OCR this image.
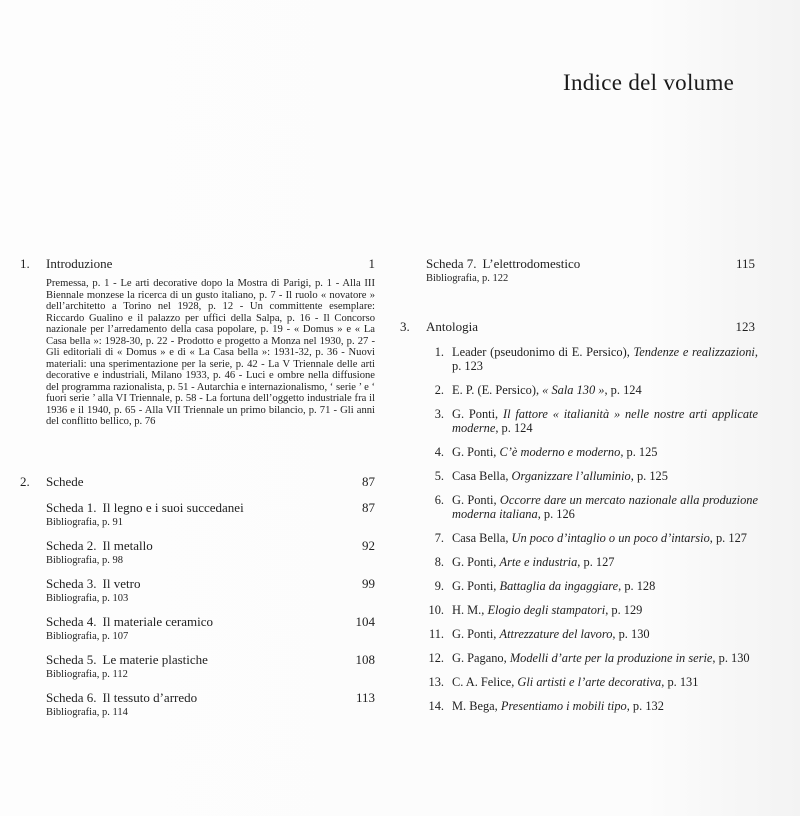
Indice del volume
1.	Introduzione	1
Premessa, p. 1 - Le arti decorative dopo la Mostra di Parigi, p. 1 - Alla III Biennale monzese la ricerca di un gusto italiano, p. 7 - Il ruolo « novatore » dell’architetto a Torino nel 1928, p. 12 - Un committente esemplare: Riccardo Gualino e il palazzo per uffici della Salpa, p. 16 - Il Concorso nazionale per l’arredamento della casa popolare, p. 19 - « Domus » e « La Casa bella »: 1928-30, p. 22 - Prodotto e progetto a Monza nel 1930, p. 27 - Gli editoriali di « Domus » e di « La Casa bella »: 1931-32, p. 36 - Nuovi materiali: una sperimentazione per la serie, p. 42 - La V Triennale delle arti decorative e industriali, Milano 1933, p. 46 - Luci e ombre nella diffusione del programma razionalista, p. 51 - Autarchia e internazionalismo, ‘ serie ’ e ‘ fuori serie ’ alla VI Triennale, p. 58 - La fortuna dell’oggetto industriale fra il 1936 e il 1940, p. 65 - Alla VII Triennale un primo bilancio, p. 71 - Gli anni del conflitto bellico, p. 76
2.	Schede	87
Scheda 1. Il legno e i suoi succedanei	87
Bibliografia, p. 91
Scheda 2. Il metallo	92
Bibliografia, p. 98
Scheda 3. Il vetro	99
Bibliografia, p. 103
Scheda 4. Il materiale ceramico	104
Bibliografia, p. 107
Scheda 5. Le materie plastiche	108
Bibliografia, p. 112
Scheda 6. Il tessuto d’arredo	113
Bibliografia, p. 114
Scheda 7. L’elettrodomestico	115
Bibliografia, p. 122
3.	Antologia	123
1. Leader (pseudonimo di E. Persico), Tendenze e realizzazioni, p. 123
2. E. P. (E. Persico), « Sala 130 », p. 124
3. G. Ponti, Il fattore « italianità » nelle nostre arti applicate moderne, p. 124
4. G. Ponti, C’è moderno e moderno, p. 125
5. Casa Bella, Organizzare l’alluminio, p. 125
6. G. Ponti, Occorre dare un mercato nazionale alla produzione moderna italiana, p. 126
7. Casa Bella, Un poco d’intaglio o un poco d’intarsio, p. 127
8. G. Ponti, Arte e industria, p. 127
9. G. Ponti, Battaglia da ingaggiare, p. 128
10. H. M., Elogio degli stampatori, p. 129
11. G. Ponti, Attrezzature del lavoro, p. 130
12. G. Pagano, Modelli d’arte per la produzione in serie, p. 130
13. C. A. Felice, Gli artisti e l’arte decorativa, p. 131
14. M. Bega, Presentiamo i mobili tipo, p. 132
